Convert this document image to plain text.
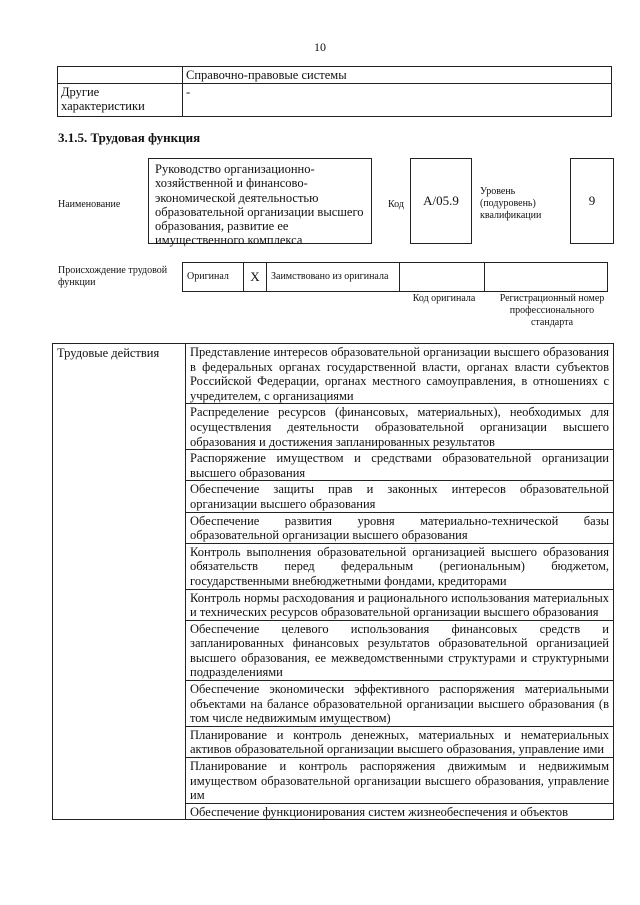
10
	Справочно-правовые системы
Другие характеристики	-
3.1.5. Трудовая функция
Наименование
Руководство организационно-хозяйственной и финансово-экономической деятельностью образовательной организации высшего образования, развитие ее имущественного комплекса
Код	A/05.9
Уровень (подуровень) квалификации
9
Происхождение трудовой функции
Оригинал	X	Заимствовано из оригинала		
Код оригинала	Регистрационный номер профессионального стандарта
Трудовые действия	Представление интересов образовательной организации высшего образования в федеральных органах государственной власти, органах власти субъектов Российской Федерации, органах местного самоуправления, в отношениях с учредителем, с организациями
Распределение ресурсов (финансовых, материальных), необходимых для осуществления деятельности образовательной организации высшего образования и достижения запланированных результатов
Распоряжение имуществом и средствами образовательной организации высшего образования
Обеспечение защиты прав и законных интересов образовательной организации высшего образования
Обеспечение развития уровня материально-технической базы образовательной организации высшего образования
Контроль выполнения образовательной организацией высшего образования обязательств перед федеральным (региональным) бюджетом, государственными внебюджетными фондами, кредиторами
Контроль нормы расходования и рационального использования материальных и технических ресурсов образовательной организации высшего образования
Обеспечение целевого использования финансовых средств и запланированных финансовых результатов образовательной организацией высшего образования, ее межведомственными структурами и структурными подразделениями
Обеспечение экономически эффективного распоряжения материальными объектами на балансе образовательной организации высшего образования (в том числе недвижимым имуществом)
Планирование и контроль денежных, материальных и нематериальных активов образовательной организации высшего образования, управление ими
Планирование и контроль распоряжения движимым и недвижимым имуществом образовательной организации высшего образования, управление им
Обеспечение функционирования систем жизнеобеспечения и объектов
